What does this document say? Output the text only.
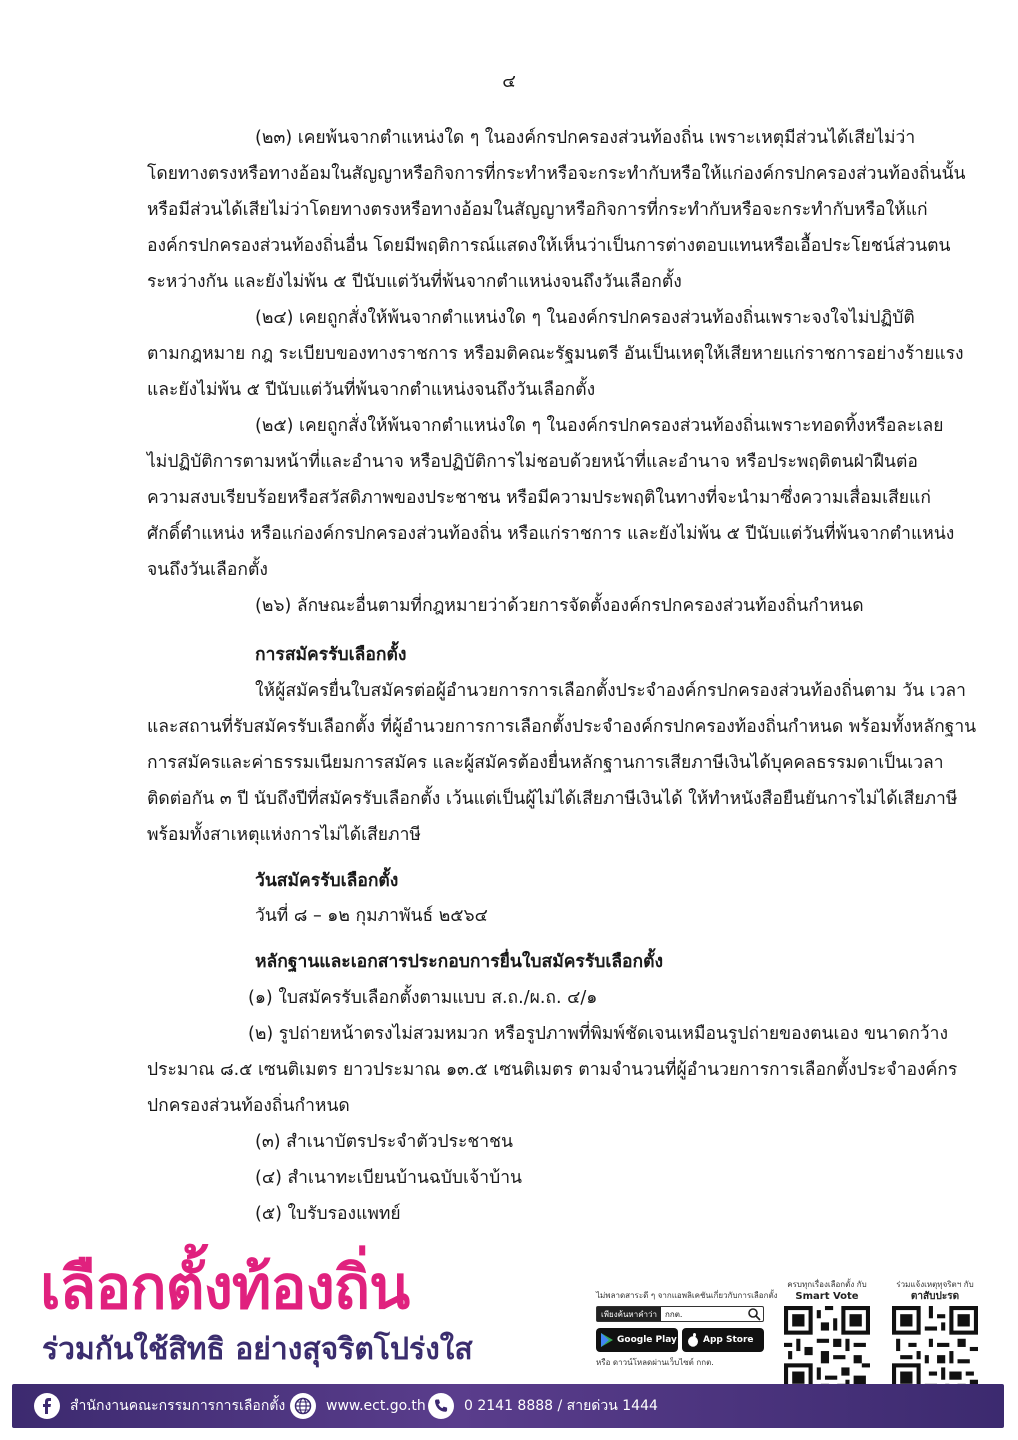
๔
(๒๓) เคยพ้นจากตำแหน่งใด ๆ ในองค์กรปกครองส่วนท้องถิ่น เพราะเหตุมีส่วนได้เสียไม่ว่า
โดยทางตรงหรือทางอ้อมในสัญญาหรือกิจการที่กระทำหรือจะกระทำกับหรือให้แก่องค์กรปกครองส่วนท้องถิ่นนั้น
หรือมีส่วนได้เสียไม่ว่าโดยทางตรงหรือทางอ้อมในสัญญาหรือกิจการที่กระทำกับหรือจะกระทำกับหรือให้แก่
องค์กรปกครองส่วนท้องถิ่นอื่น โดยมีพฤติการณ์แสดงให้เห็นว่าเป็นการต่างตอบแทนหรือเอื้อประโยชน์ส่วนตน
ระหว่างกัน และยังไม่พ้น ๕ ปีนับแต่วันที่พ้นจากตำแหน่งจนถึงวันเลือกตั้ง
(๒๔) เคยถูกสั่งให้พ้นจากตำแหน่งใด ๆ ในองค์กรปกครองส่วนท้องถิ่นเพราะจงใจไม่ปฏิบัติ
ตามกฎหมาย กฎ ระเบียบของทางราชการ หรือมติคณะรัฐมนตรี อันเป็นเหตุให้เสียหายแก่ราชการอย่างร้ายแรง
และยังไม่พ้น ๕ ปีนับแต่วันที่พ้นจากตำแหน่งจนถึงวันเลือกตั้ง
(๒๕) เคยถูกสั่งให้พ้นจากตำแหน่งใด ๆ ในองค์กรปกครองส่วนท้องถิ่นเพราะทอดทิ้งหรือละเลย
ไม่ปฏิบัติการตามหน้าที่และอำนาจ หรือปฏิบัติการไม่ชอบด้วยหน้าที่และอำนาจ หรือประพฤติตนฝ่าฝืนต่อ
ความสงบเรียบร้อยหรือสวัสดิภาพของประชาชน หรือมีความประพฤติในทางที่จะนำมาซึ่งความเสื่อมเสียแก่
ศักดิ์ตำแหน่ง หรือแก่องค์กรปกครองส่วนท้องถิ่น หรือแก่ราชการ และยังไม่พ้น ๕ ปีนับแต่วันที่พ้นจากตำแหน่ง
จนถึงวันเลือกตั้ง
(๒๖) ลักษณะอื่นตามที่กฎหมายว่าด้วยการจัดตั้งองค์กรปกครองส่วนท้องถิ่นกำหนด
การสมัครรับเลือกตั้ง
ให้ผู้สมัครยื่นใบสมัครต่อผู้อำนวยการการเลือกตั้งประจำองค์กรปกครองส่วนท้องถิ่นตาม วัน เวลา
และสถานที่รับสมัครรับเลือกตั้ง ที่ผู้อำนวยการการเลือกตั้งประจำองค์กรปกครองท้องถิ่นกำหนด พร้อมทั้งหลักฐาน
การสมัครและค่าธรรมเนียมการสมัคร และผู้สมัครต้องยื่นหลักฐานการเสียภาษีเงินได้บุคคลธรรมดาเป็นเวลา
ติดต่อกัน ๓ ปี นับถึงปีที่สมัครรับเลือกตั้ง เว้นแต่เป็นผู้ไม่ได้เสียภาษีเงินได้ ให้ทำหนังสือยืนยันการไม่ได้เสียภาษี
พร้อมทั้งสาเหตุแห่งการไม่ได้เสียภาษี
วันสมัครรับเลือกตั้ง
วันที่ ๘ – ๑๒ กุมภาพันธ์ ๒๕๖๔
หลักฐานและเอกสารประกอบการยื่นใบสมัครรับเลือกตั้ง
(๑) ใบสมัครรับเลือกตั้งตามแบบ ส.ถ./ผ.ถ. ๔/๑
(๒) รูปถ่ายหน้าตรงไม่สวมหมวก หรือรูปภาพที่พิมพ์ชัดเจนเหมือนรูปถ่ายของตนเอง ขนาดกว้าง
ประมาณ ๘.๕ เซนติเมตร ยาวประมาณ ๑๓.๕ เซนติเมตร ตามจำนวนที่ผู้อำนวยการการเลือกตั้งประจำองค์กร
ปกครองส่วนท้องถิ่นกำหนด
(๓) สำเนาบัตรประจำตัวประชาชน
(๔) สำเนาทะเบียนบ้านฉบับเจ้าบ้าน
(๕) ใบรับรองแพทย์
เลือกตั้งท้องถิ่น
ร่วมกันใช้สิทธิ อย่างสุจริตโปร่งใส
ไม่พลาดสาระดี ๆ จากแอพลิเคชันเกี่ยวกับการเลือกตั้ง
เพียงค้นหาคำว่า	กกต.
Google Play	App Store
หรือ ดาวน์โหลดผ่านเว็บไซต์ กกต.
ครบทุกเรื่องเลือกตั้ง กับ
Smart Vote
ร่วมแจ้งเหตุทุจริตฯ กับ
ตาสับปะรด
สำนักงานคณะกรรมการการเลือกตั้ง	www.ect.go.th	0 2141 8888 / สายด่วน 1444
